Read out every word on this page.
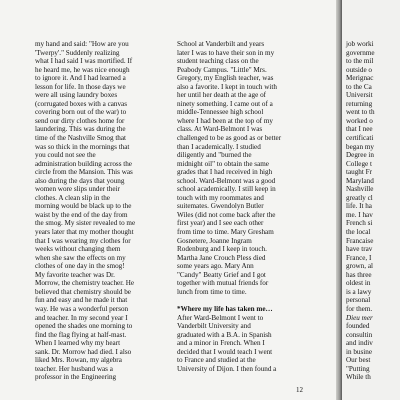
my hand and said: "How are you
'Twerpy'." Suddenly realizing
what I had said I was mortified. If
he heard me, he was nice enough
to ignore it. And I had learned a
lesson for life. In those days we
were all using laundry boxes
(corrugated boxes with a canvas
covering born out of the war) to
send our dirty clothes home for
laundering. This was during the
time of the Nashville Smog that
was so thick in the mornings that
you could not see the
administration building across the
circle from the Mansion. This was
also during the days that young
women wore slips under their
clothes. A clean slip in the
morning would be black up to the
waist by the end of the day from
the smog. My sister revealed to me
years later that my mother thought
that I was wearing my clothes for
weeks without changing them
when she saw the effects on my
clothes of one day in the smog!
My favorite teacher was Dr.
Morrow, the chemistry teacher. He
believed that chemistry should be
fun and easy and he made it that
way. He was a wonderful person
and teacher. In my second year I
opened the shades one morning to
find the flag flying at half-mast.
When I learned why my heart
sank. Dr. Morrow had died. I also
liked Mrs. Rowan, my algebra
teacher. Her husband was a
professor in the Engineering
School at Vanderbilt and years
later I was to have their son in my
student teaching class on the
Peabody Campus. "Little" Mrs.
Gregory, my English teacher, was
also a favorite. I kept in touch with
her until her death at the age of
ninety something. I came out of a
middle-Tennessee high school
where I had been at the top of my
class. At Ward-Belmont I was
challenged to be as good as or better
than I academically. I studied
diligently and "burned the
midnight oil" to obtain the same
grades that I had received in high
school. Ward-Belmont was a good
school academically. I still keep in
touch with my roommates and
suitemates. Gwendolyn Butler
Wiles (did not come back after the
first year) and I see each other
from time to time. Mary Gresham
Gosnetere, Joanne Ingram
Rodenburg and I keep in touch.
Martha Jane Crouch Pless died
some years ago. Mary Ann
"Candy" Beatty Grief and I got
together with mutual friends for
lunch from time to time.
*Where my life has taken me…
After Ward-Belmont I went to
Vanderbilt University and
graduated with a B.A. in Spanish
and a minor in French. When I
decided that I would teach I went
to France and studied at the
University of Dijon. I then found a
job worki
governme
to the mil
outside o
Merignac
to the Ca
Universit
returning
went to th
worked o
that I nee
certificati
began my
Degree in
College t
taught Fr
Maryland
Nashville
greatly cl
life. It ha
me. I hav
French si
the local
Francaise
have trav
France, I
grown, al
has three
oldest in
is a lawy
personal
for them.
Dieu mer
founded
consultin
and indiv
in busine
Our best
"Putting
While th
12
